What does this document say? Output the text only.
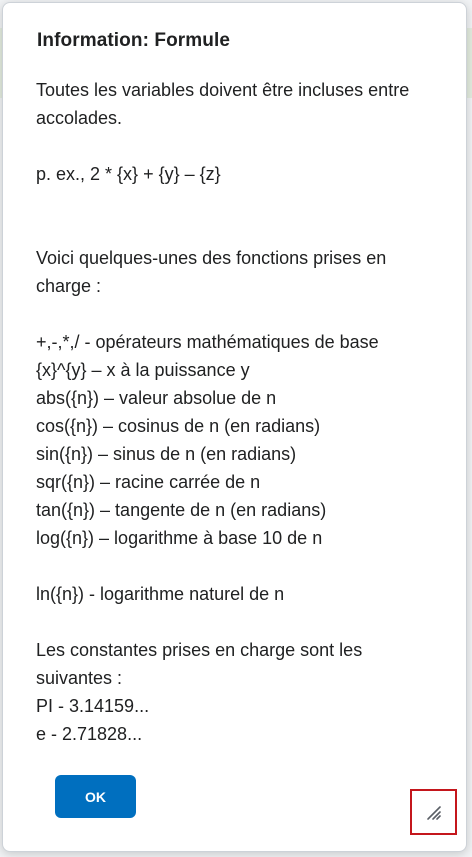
Information: Formule
Toutes les variables doivent être incluses entre
accolades.
p. ex., 2 * {x} + {y} – {z}
Voici quelques-unes des fonctions prises en
charge :
+,-,*,/ - opérateurs mathématiques de base
{x}^{y} – x à la puissance y
abs({n}) – valeur absolue de n
cos({n}) – cosinus de n (en radians)
sin({n}) – sinus de n (en radians)
sqr({n}) – racine carrée de n
tan({n}) – tangente de n (en radians)
log({n}) – logarithme à base 10 de n
ln({n}) - logarithme naturel de n
Les constantes prises en charge sont les
suivantes :
PI - 3.14159...
e - 2.71828...
OK
